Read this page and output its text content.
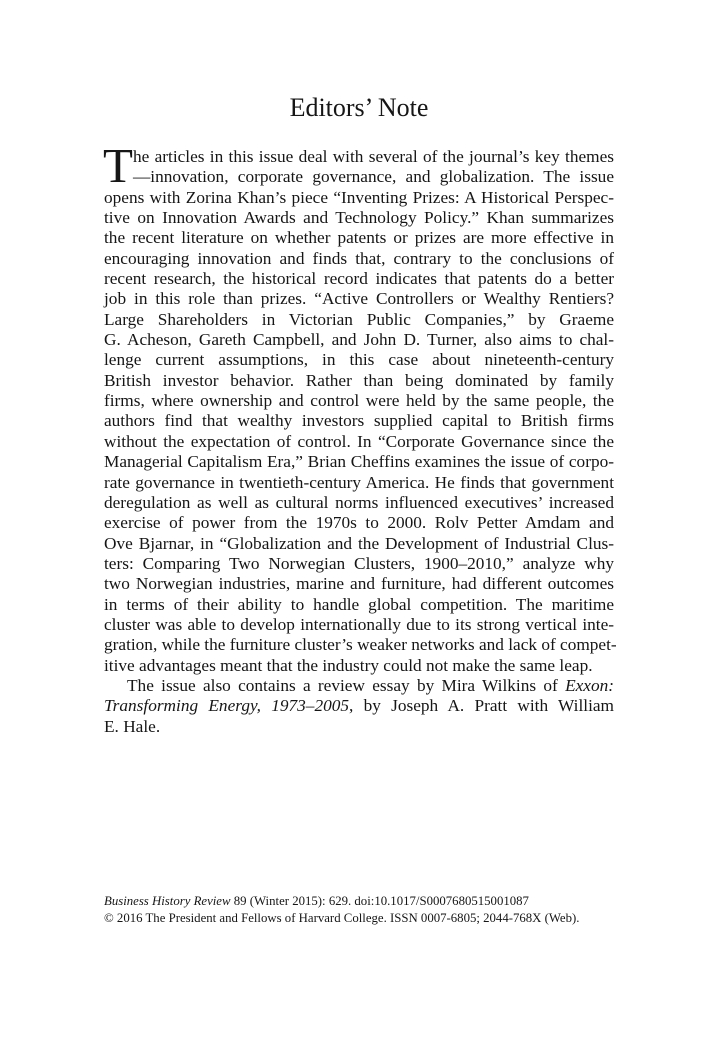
Editors’ Note
T he articles in this issue deal with several of the journal’s key themes
—innovation, corporate governance, and globalization. The issue
opens with Zorina Khan’s piece “Inventing Prizes: A Historical Perspec-
tive on Innovation Awards and Technology Policy.” Khan summarizes
the recent literature on whether patents or prizes are more effective in
encouraging innovation and finds that, contrary to the conclusions of
recent research, the historical record indicates that patents do a better
job in this role than prizes. “Active Controllers or Wealthy Rentiers?
Large Shareholders in Victorian Public Companies,” by Graeme
G. Acheson, Gareth Campbell, and John D. Turner, also aims to chal-
lenge current assumptions, in this case about nineteenth-century
British investor behavior. Rather than being dominated by family
firms, where ownership and control were held by the same people, the
authors find that wealthy investors supplied capital to British firms
without the expectation of control. In “Corporate Governance since the
Managerial Capitalism Era,” Brian Cheffins examines the issue of corpo-
rate governance in twentieth-century America. He finds that government
deregulation as well as cultural norms influenced executives’ increased
exercise of power from the 1970s to 2000. Rolv Petter Amdam and
Ove Bjarnar, in “Globalization and the Development of Industrial Clus-
ters: Comparing Two Norwegian Clusters, 1900–2010,” analyze why
two Norwegian industries, marine and furniture, had different outcomes
in terms of their ability to handle global competition. The maritime
cluster was able to develop internationally due to its strong vertical inte-
gration, while the furniture cluster’s weaker networks and lack of compet-
itive advantages meant that the industry could not make the same leap.
The issue also contains a review essay by Mira Wilkins of Exxon:
Transforming Energy, 1973–2005, by Joseph A. Pratt with William
E. Hale.
Business History Review 89 (Winter 2015): 629. doi:10.1017/S0007680515001087
© 2016 The President and Fellows of Harvard College. ISSN 0007-6805; 2044-768X (Web).
